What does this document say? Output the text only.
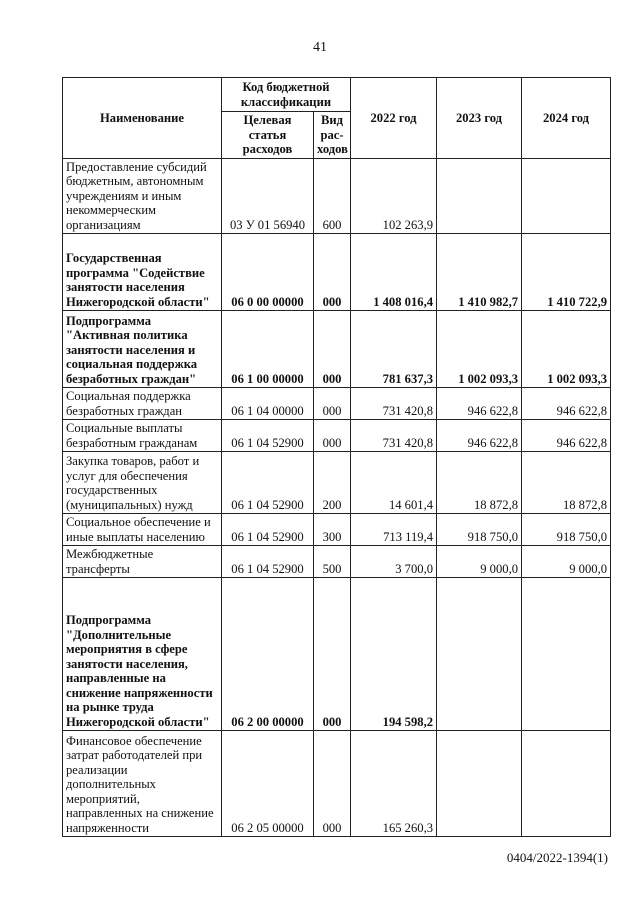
41
Наименование	Код бюджетной классификации		2022 год	2023 год	2024 год
	Целевая статья расходов	Вид рас-ходов			
Предоставление субсидий бюджетным, автономным учреждениям и иным некоммерческим организациям	03 У 01 56940	600	102 263,9		
Государственная программа "Содействие занятости населения Нижегородской области"	06 0 00 00000	000	1 408 016,4	1 410 982,7	1 410 722,9
Подпрограмма "Активная политика занятости населения и социальная поддержка безработных граждан"	06 1 00 00000	000	781 637,3	1 002 093,3	1 002 093,3
Социальная поддержка безработных граждан	06 1 04 00000	000	731 420,8	946 622,8	946 622,8
Социальные выплаты безработным гражданам	06 1 04 52900	000	731 420,8	946 622,8	946 622,8
Закупка товаров, работ и услуг для обеспечения государственных (муниципальных) нужд	06 1 04 52900	200	14 601,4	18 872,8	18 872,8
Социальное обеспечение и иные выплаты населению	06 1 04 52900	300	713 119,4	918 750,0	918 750,0
Межбюджетные трансферты	06 1 04 52900	500	3 700,0	9 000,0	9 000,0
Подпрограмма "Дополнительные мероприятия в сфере занятости населения, направленные на снижение напряженности на рынке труда Нижегородской области"	06 2 00 00000	000	194 598,2		
Финансовое обеспечение затрат работодателей при реализации дополнительных мероприятий, направленных на снижение напряженности	06 2 05 00000	000	165 260,3		
0404/2022-1394(1)
